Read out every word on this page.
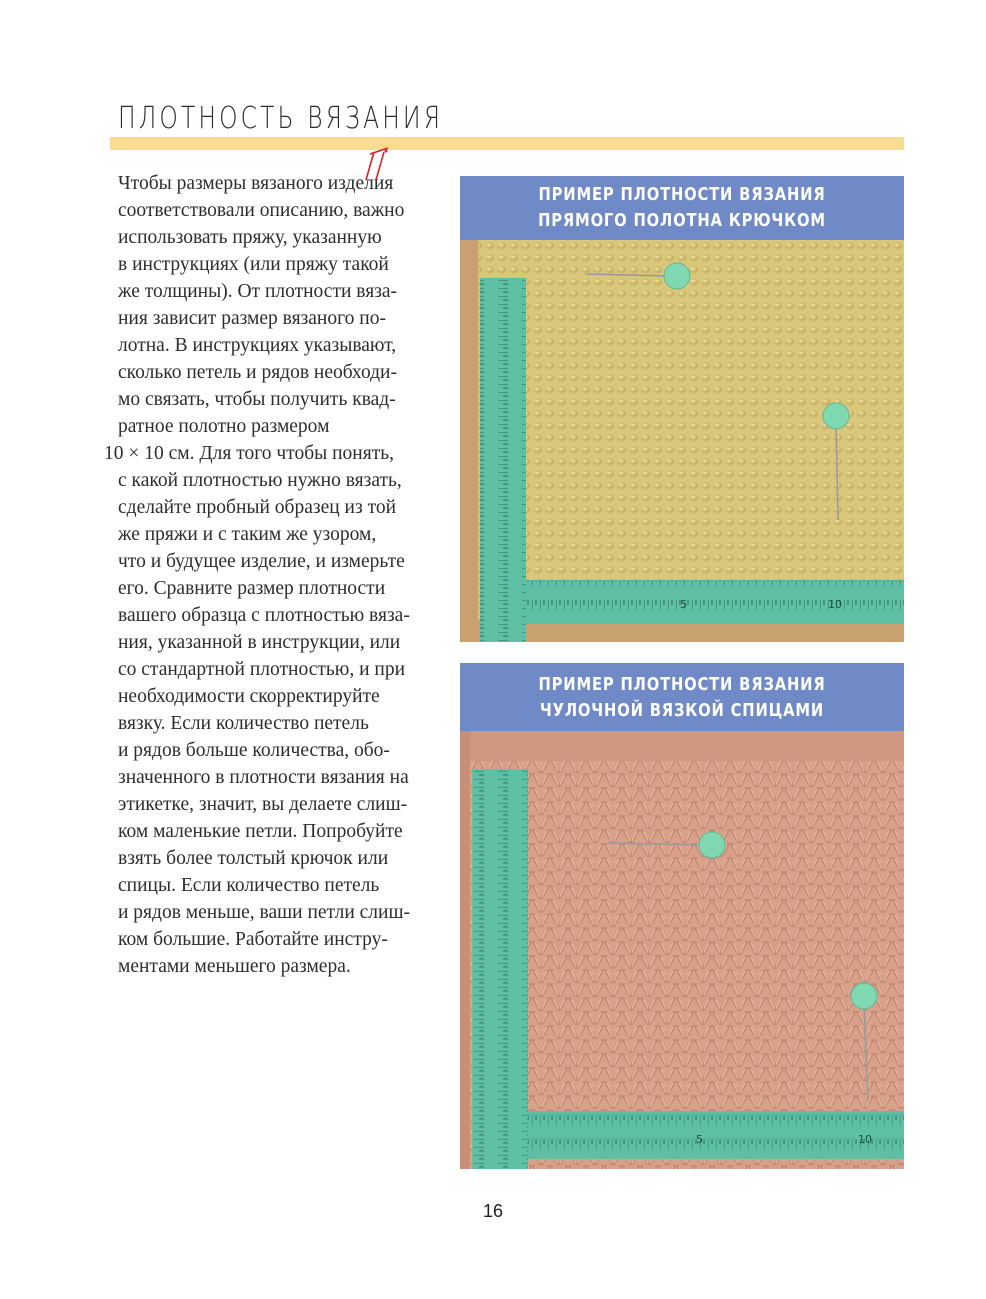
ПЛОТНОСТЬ ВЯЗАНИЯ
Чтобы размеры вязаного изделия
соответствовали описанию, важно
использовать пряжу, указанную
в инструкциях (или пряжу такой
же толщины). От плотности вяза-
ния зависит размер вязаного по-
лотна. В инструкциях указывают,
сколько петель и рядов необходи-
мо связать, чтобы получить квад-
ратное полотно размером
10 × 10 см. Для того чтобы понять,
с какой плотностью нужно вязать,
сделайте пробный образец из той
же пряжи и с таким же узором,
что и будущее изделие, и измерьте
его. Сравните размер плотности
вашего образца с плотностью вяза-
ния, указанной в инструкции, или
со стандартной плотностью, и при
необходимости скорректируйте
вязку. Если количество петель
и рядов больше количества, обо-
значенного в плотности вязания на
этикетке, значит, вы делаете слиш-
ком маленькие петли. Попробуйте
взять более толстый крючок или
спицы. Если количество петель
и рядов меньше, ваши петли слиш-
ком большие. Работайте инстру-
ментами меньшего размера.
ПРИМЕР ПЛОТНОСТИ ВЯЗАНИЯ
ПРЯМОГО ПОЛОТНА КРЮЧКОМ
5	10
ПРИМЕР ПЛОТНОСТИ ВЯЗАНИЯ
ЧУЛОЧНОЙ ВЯЗКОЙ СПИЦАМИ
5	10
16
